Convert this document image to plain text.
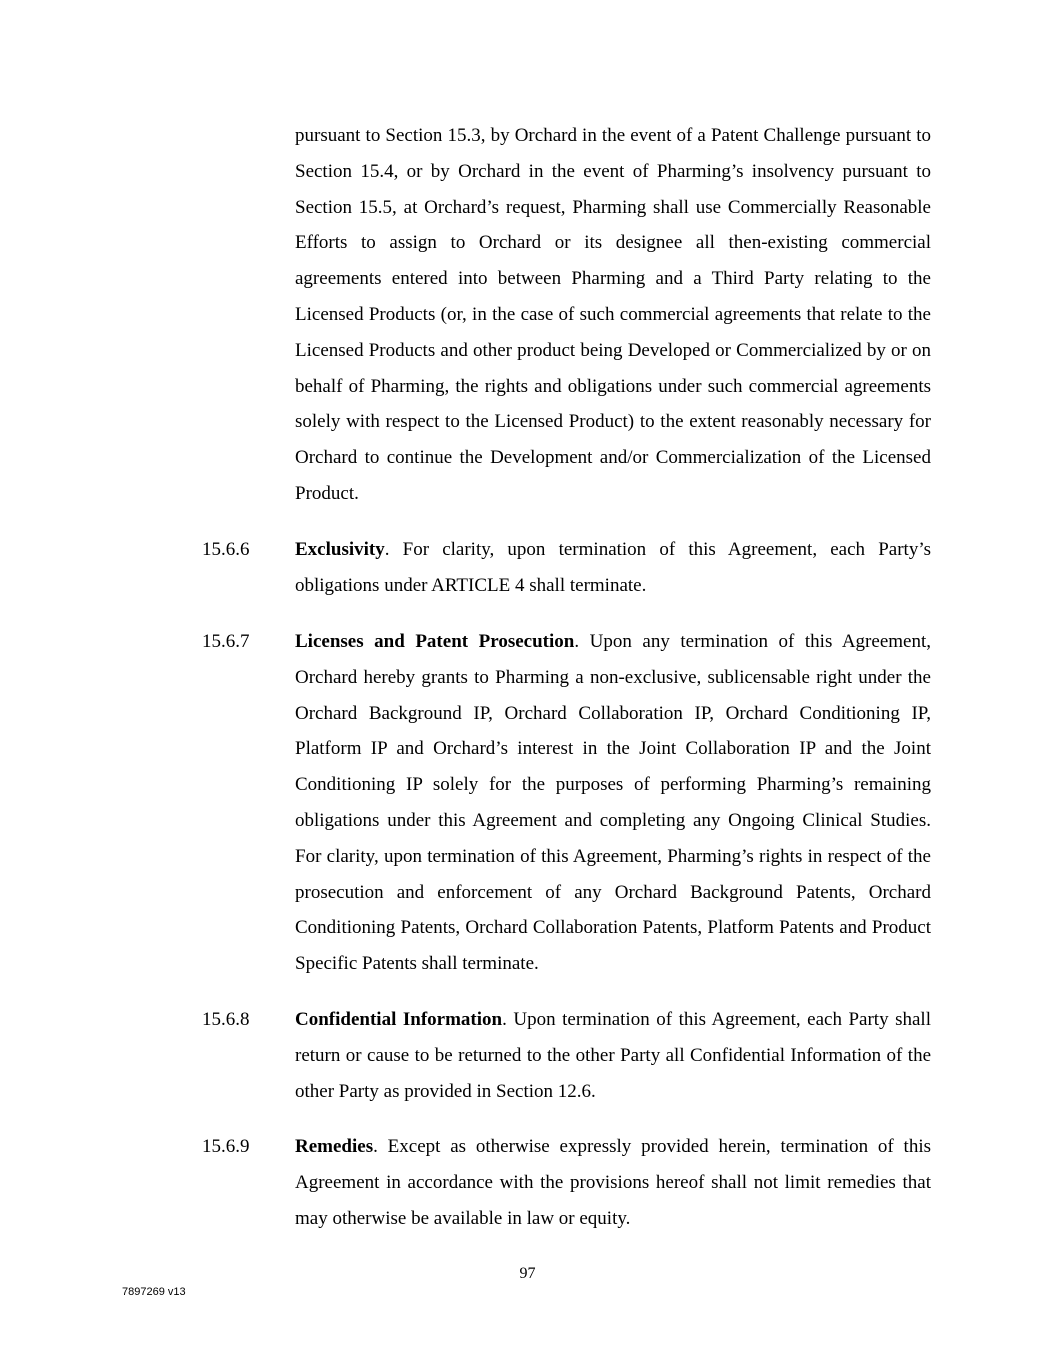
pursuant to Section 15.3, by Orchard in the event of a Patent Challenge pursuant to Section 15.4, or by Orchard in the event of Pharming’s insolvency pursuant to Section 15.5, at Orchard’s request, Pharming shall use Commercially Reasonable Efforts to assign to Orchard or its designee all then-existing commercial agreements entered into between Pharming and a Third Party relating to the Licensed Products (or, in the case of such commercial agreements that relate to the Licensed Products and other product being Developed or Commercialized by or on behalf of Pharming, the rights and obligations under such commercial agreements solely with respect to the Licensed Product) to the extent reasonably necessary for Orchard to continue the Development and/or Commercialization of the Licensed Product.

15.6.6 Exclusivity. For clarity, upon termination of this Agreement, each Party’s obligations under ARTICLE 4 shall terminate.

15.6.7 Licenses and Patent Prosecution. Upon any termination of this Agreement, Orchard hereby grants to Pharming a non-exclusive, sublicensable right under the Orchard Background IP, Orchard Collaboration IP, Orchard Conditioning IP, Platform IP and Orchard’s interest in the Joint Collaboration IP and the Joint Conditioning IP solely for the purposes of performing Pharming’s remaining obligations under this Agreement and completing any Ongoing Clinical Studies. For clarity, upon termination of this Agreement, Pharming’s rights in respect of the prosecution and enforcement of any Orchard Background Patents, Orchard Conditioning Patents, Orchard Collaboration Patents, Platform Patents and Product Specific Patents shall terminate.

15.6.8 Confidential Information. Upon termination of this Agreement, each Party shall return or cause to be returned to the other Party all Confidential Information of the other Party as provided in Section 12.6.

15.6.9 Remedies. Except as otherwise expressly provided herein, termination of this Agreement in accordance with the provisions hereof shall not limit remedies that may otherwise be available in law or equity.

97
7897269 v13
